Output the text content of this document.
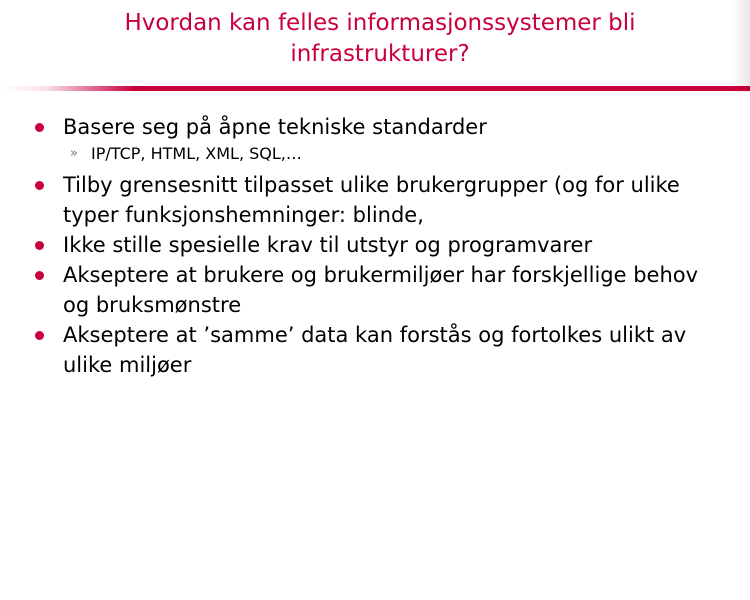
Hvordan kan felles informasjonssystemer bli infrastrukturer?
Basere seg på åpne tekniske standarder
» IP/TCP, HTML, XML, SQL,…
Tilby grensesnitt tilpasset ulike brukergrupper (og for ulike typer funksjonshemninger: blinde,
Ikke stille spesielle krav til utstyr og programvarer
Akseptere at brukere og brukermiljøer har forskjellige behov og bruksmønstre
Akseptere at ’samme’ data kan forstås og fortolkes ulikt av ulike miljøer
